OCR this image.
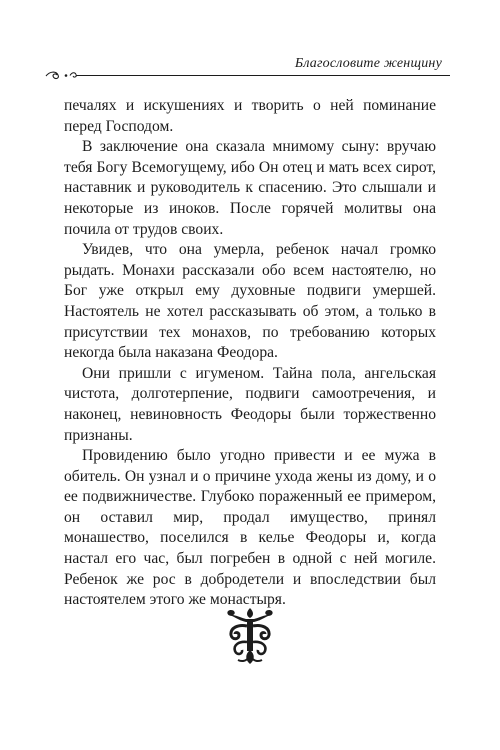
Благословите женщину

печалях и искушениях и творить о ней поминание перед Господом.

В заключение она сказала мнимому сыну: вручаю тебя Богу Всемогущему, ибо Он отец и мать всех сирот, наставник и руководитель к спасению. Это слышали и некоторые из иноков. После горячей молитвы она почила от трудов своих.

Увидев, что она умерла, ребенок начал громко рыдать. Монахи рассказали обо всем настоятелю, но Бог уже открыл ему духовные подвиги умершей. Настоятель не хотел рассказывать об этом, а только в присутствии тех монахов, по требованию которых некогда была наказана Феодора.

Они пришли с игуменом. Тайна пола, ангельская чистота, долготерпение, подвиги самоотречения, и наконец, невиновность Феодоры были торжественно признаны.

Провидению было угодно привести и ее мужа в обитель. Он узнал и о причине ухода жены из дому, и о ее подвижничестве. Глубоко пораженный ее примером, он оставил мир, продал имущество, принял монашество, поселился в келье Феодоры и, когда настал его час, был погребен в одной с ней могиле. Ребенок же рос в добродетели и впоследствии был настоятелем этого же монастыря.
